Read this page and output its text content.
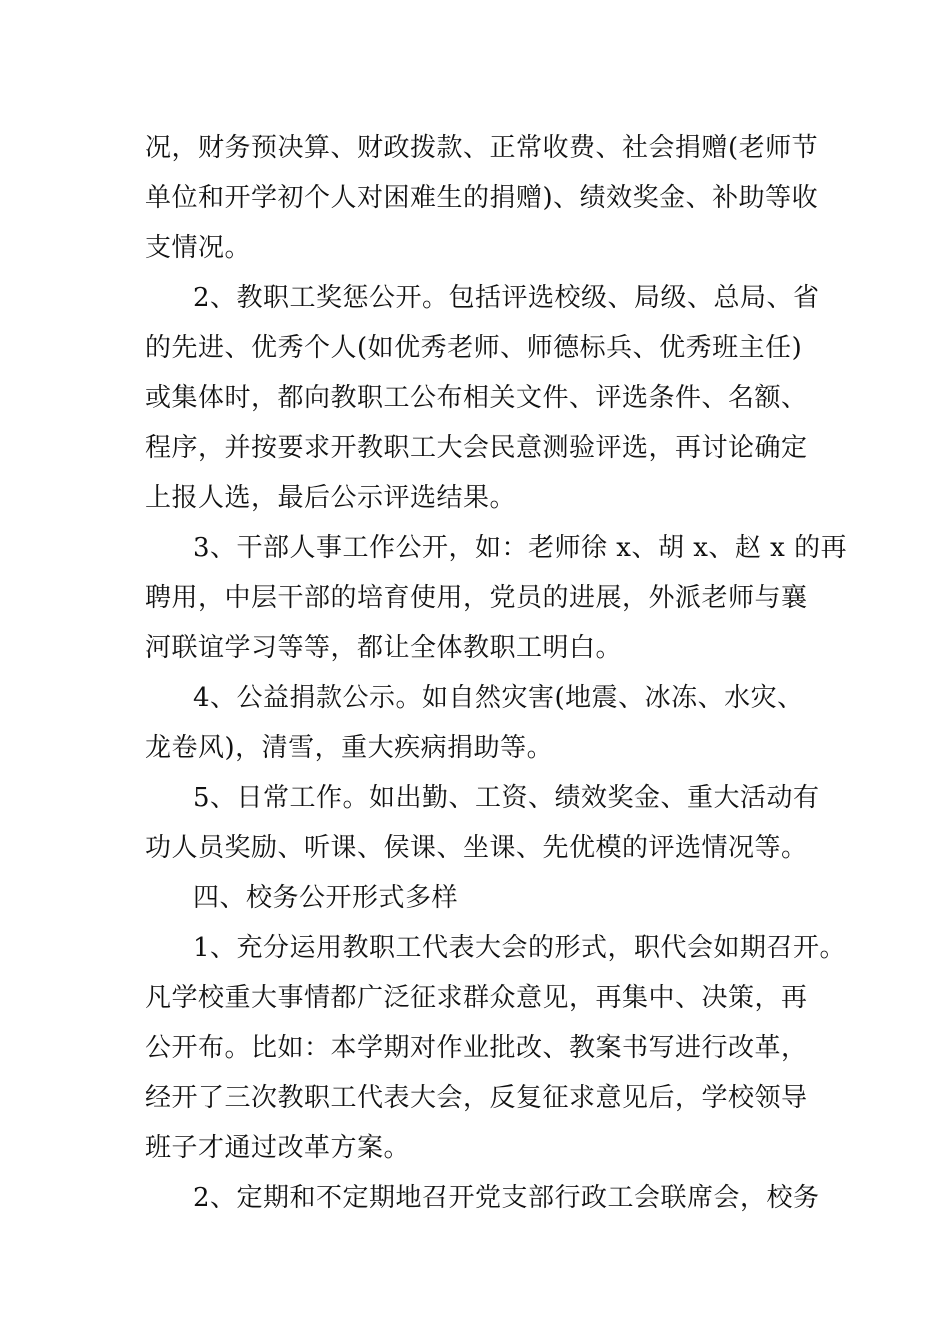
况，财务预决算、财政拨款、正常收费、社会捐赠(老师节
单位和开学初个人对困难生的捐赠)、绩效奖金、补助等收
支情况。
2、教职工奖惩公开。包括评选校级、局级、总局、省
的先进、优秀个人(如优秀老师、师德标兵、优秀班主任)
或集体时，都向教职工公布相关文件、评选条件、名额、
程序，并按要求开教职工大会民意测验评选，再讨论确定
上报人选，最后公示评选结果。
3、干部人事工作公开，如：老师徐 x、胡 x、赵 x 的再
聘用，中层干部的培育使用，党员的进展，外派老师与襄
河联谊学习等等，都让全体教职工明白。
4、公益捐款公示。如自然灾害(地震、冰冻、水灾、
龙卷风)，清雪，重大疾病捐助等。
5、日常工作。如出勤、工资、绩效奖金、重大活动有
功人员奖励、听课、侯课、坐课、先优模的评选情况等。
四、校务公开形式多样
1、充分运用教职工代表大会的形式，职代会如期召开。
凡学校重大事情都广泛征求群众意见，再集中、决策，再
公开布。比如：本学期对作业批改、教案书写进行改革，
经开了三次教职工代表大会，反复征求意见后，学校领导
班子才通过改革方案。
2、定期和不定期地召开党支部行政工会联席会，校务
